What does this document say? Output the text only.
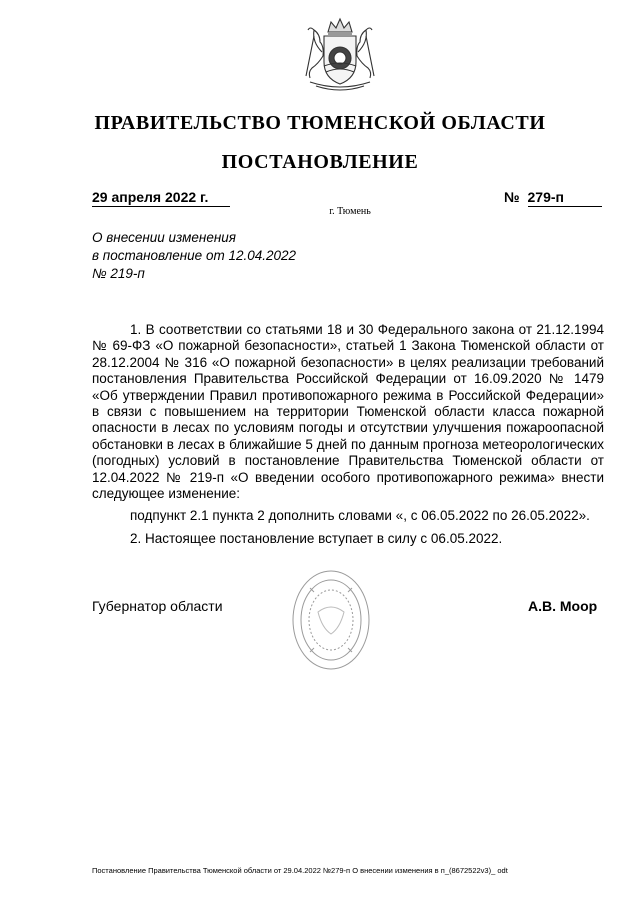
ПРАВИТЕЛЬСТВО ТЮМЕНСКОЙ ОБЛАСТИ
ПОСТАНОВЛЕНИЕ
29 апреля 2022 г.	№ 279-п
г. Тюмень
О внесении изменения
в постановление от 12.04.2022
№ 219-п

1. В соответствии со статьями 18 и 30 Федерального закона от 21.12.1994 № 69-ФЗ «О пожарной безопасности», статьей 1 Закона Тюменской области от 28.12.2004 № 316 «О пожарной безопасности» в целях реализации требований постановления Правительства Российской Федерации от 16.09.2020 № 1479 «Об утверждении Правил противопожарного режима в Российской Федерации» в связи с повышением на территории Тюменской области класса пожарной опасности в лесах по условиям погоды и отсутствии улучшения пожароопасной обстановки в лесах в ближайшие 5 дней по данным прогноза метеорологических (погодных) условий в постановление Правительства Тюменской области от 12.04.2022 № 219-п «О введении особого противопожарного режима» внести следующее изменение:

подпункт 2.1 пункта 2 дополнить словами «, с 06.05.2022 по 26.05.2022».

2. Настоящее постановление вступает в силу с 06.05.2022.

Губернатор области	А.В. Моор
Постановление Правительства Тюменской области от 29.04.2022 №279-п О внесении изменения в п_(8672522v3)_ odt
